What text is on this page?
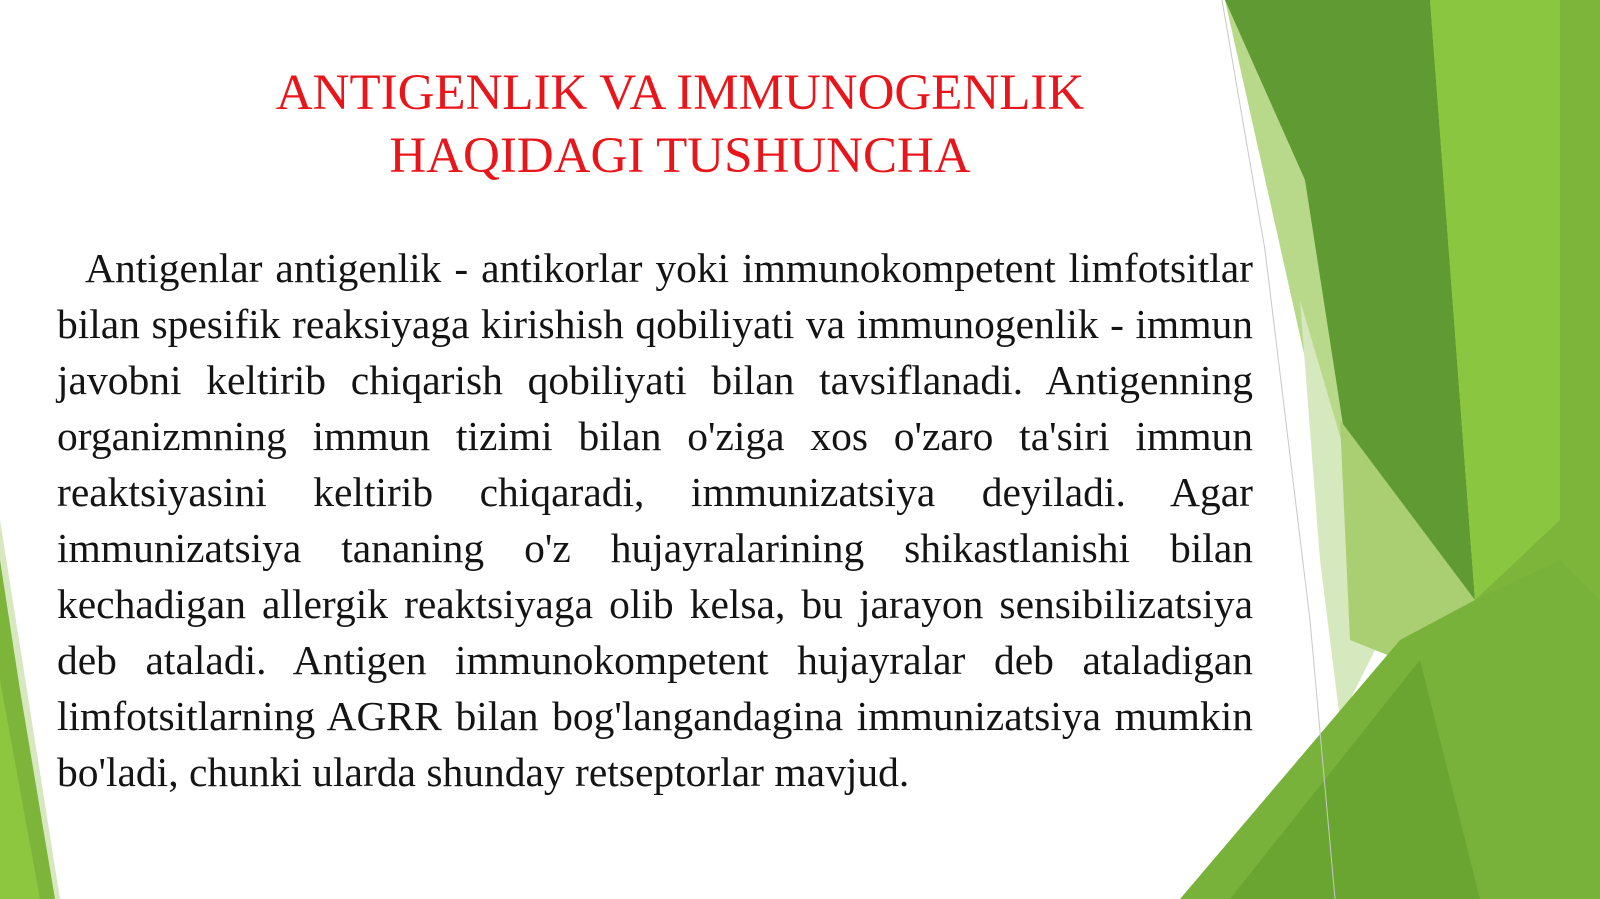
ANTIGENLIK VA IMMUNOGENLIK
HAQIDAGI TUSHUNCHA

Antigenlar antigenlik - antikorlar yoki immunokompetent limfotsitlar bilan spesifik reaksiyaga kirishish qobiliyati va immunogenlik - immun javobni keltirib chiqarish qobiliyati bilan tavsiflanadi. Antigenning organizmning immun tizimi bilan o'ziga xos o'zaro ta'siri immun reaktsiyasini keltirib chiqaradi, immunizatsiya deyiladi. Agar immunizatsiya tananing o'z hujayralarining shikastlanishi bilan kechadigan allergik reaktsiyaga olib kelsa, bu jarayon sensibilizatsiya deb ataladi. Antigen immunokompetent hujayralar deb ataladigan limfotsitlarning AGRR bilan bog'langandagina immunizatsiya mumkin bo'ladi, chunki ularda shunday retseptorlar mavjud.
